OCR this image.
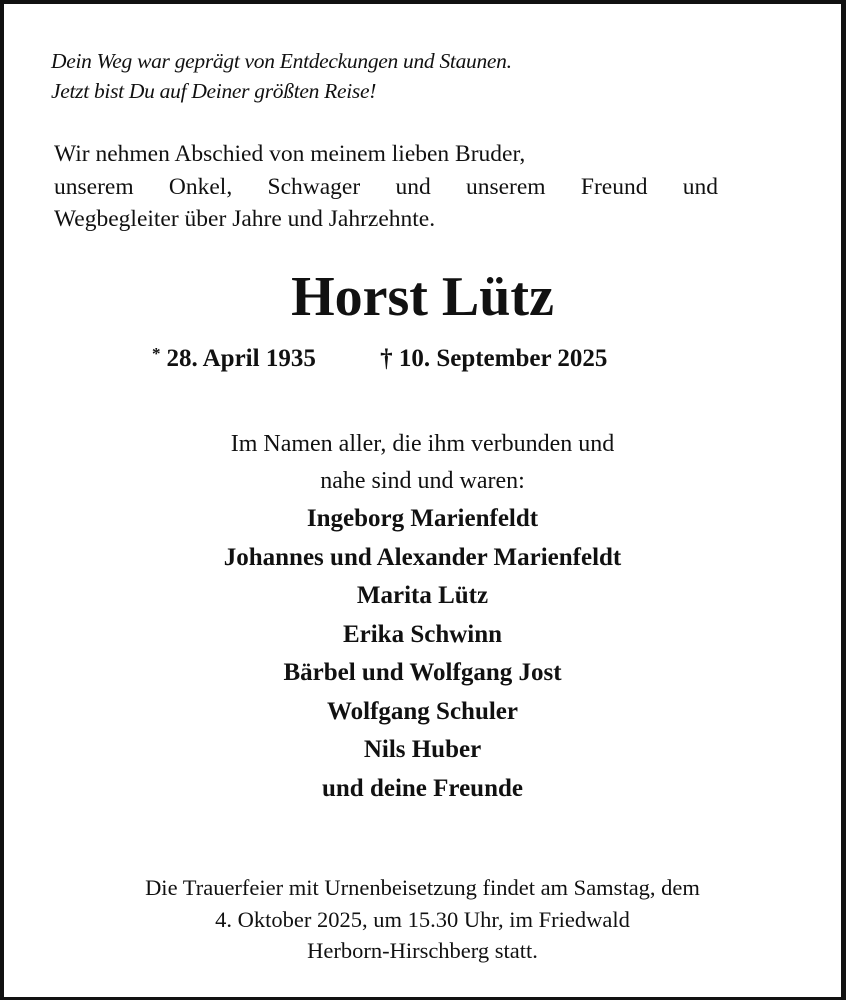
Dein Weg war geprägt von Entdeckungen und Staunen.
Jetzt bist Du auf Deiner größten Reise!
Wir nehmen Abschied von meinem lieben Bruder,
unserem Onkel, Schwager und unserem Freund und
Wegbegleiter über Jahre und Jahrzehnte.
Horst Lütz
* 28. April 1935	† 10. September 2025
Im Namen aller, die ihm verbunden und
nahe sind und waren:
Ingeborg Marienfeldt
Johannes und Alexander Marienfeldt
Marita Lütz
Erika Schwinn
Bärbel und Wolfgang Jost
Wolfgang Schuler
Nils Huber
und deine Freunde
Die Trauerfeier mit Urnenbeisetzung findet am Samstag, dem
4. Oktober 2025, um 15.30 Uhr, im Friedwald
Herborn-Hirschberg statt.
